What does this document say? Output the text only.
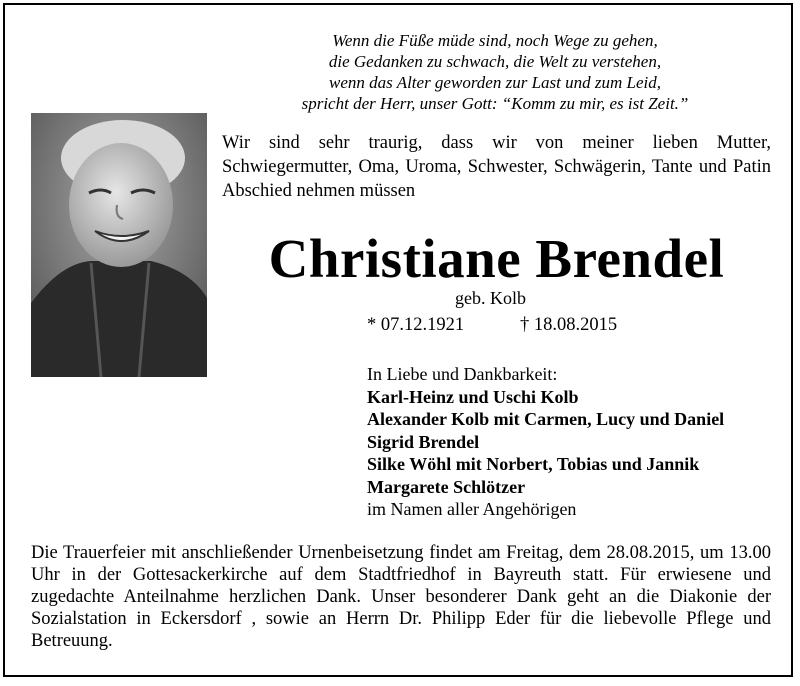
Wenn die Füße müde sind, noch Wege zu gehen,
die Gedanken zu schwach, die Welt zu verstehen,
wenn das Alter geworden zur Last und zum Leid,
spricht der Herr, unser Gott: “Komm zu mir, es ist Zeit.”
Wir sind sehr traurig, dass wir von meiner lieben Mutter, Schwiegermutter, Oma, Uroma, Schwester, Schwägerin, Tante und Patin Abschied nehmen müssen
Christiane Brendel
geb. Kolb
* 07.12.1921	† 18.08.2015
In Liebe und Dankbarkeit:
Karl-Heinz und Uschi Kolb
Alexander Kolb mit Carmen, Lucy und Daniel
Sigrid Brendel
Silke Wöhl mit Norbert, Tobias und Jannik
Margarete Schlötzer
im Namen aller Angehörigen
Die Trauerfeier mit anschließender Urnenbeisetzung findet am Freitag, dem 28.08.2015, um 13.00 Uhr in der Gottesackerkirche auf dem Stadtfriedhof in Bayreuth statt. Für erwiesene und zugedachte Anteilnahme herzlichen Dank. Unser besonderer Dank geht an die Diakonie der Sozialstation in Eckersdorf , sowie an Herrn Dr. Philipp Eder für die liebevolle Pflege und Betreuung.
